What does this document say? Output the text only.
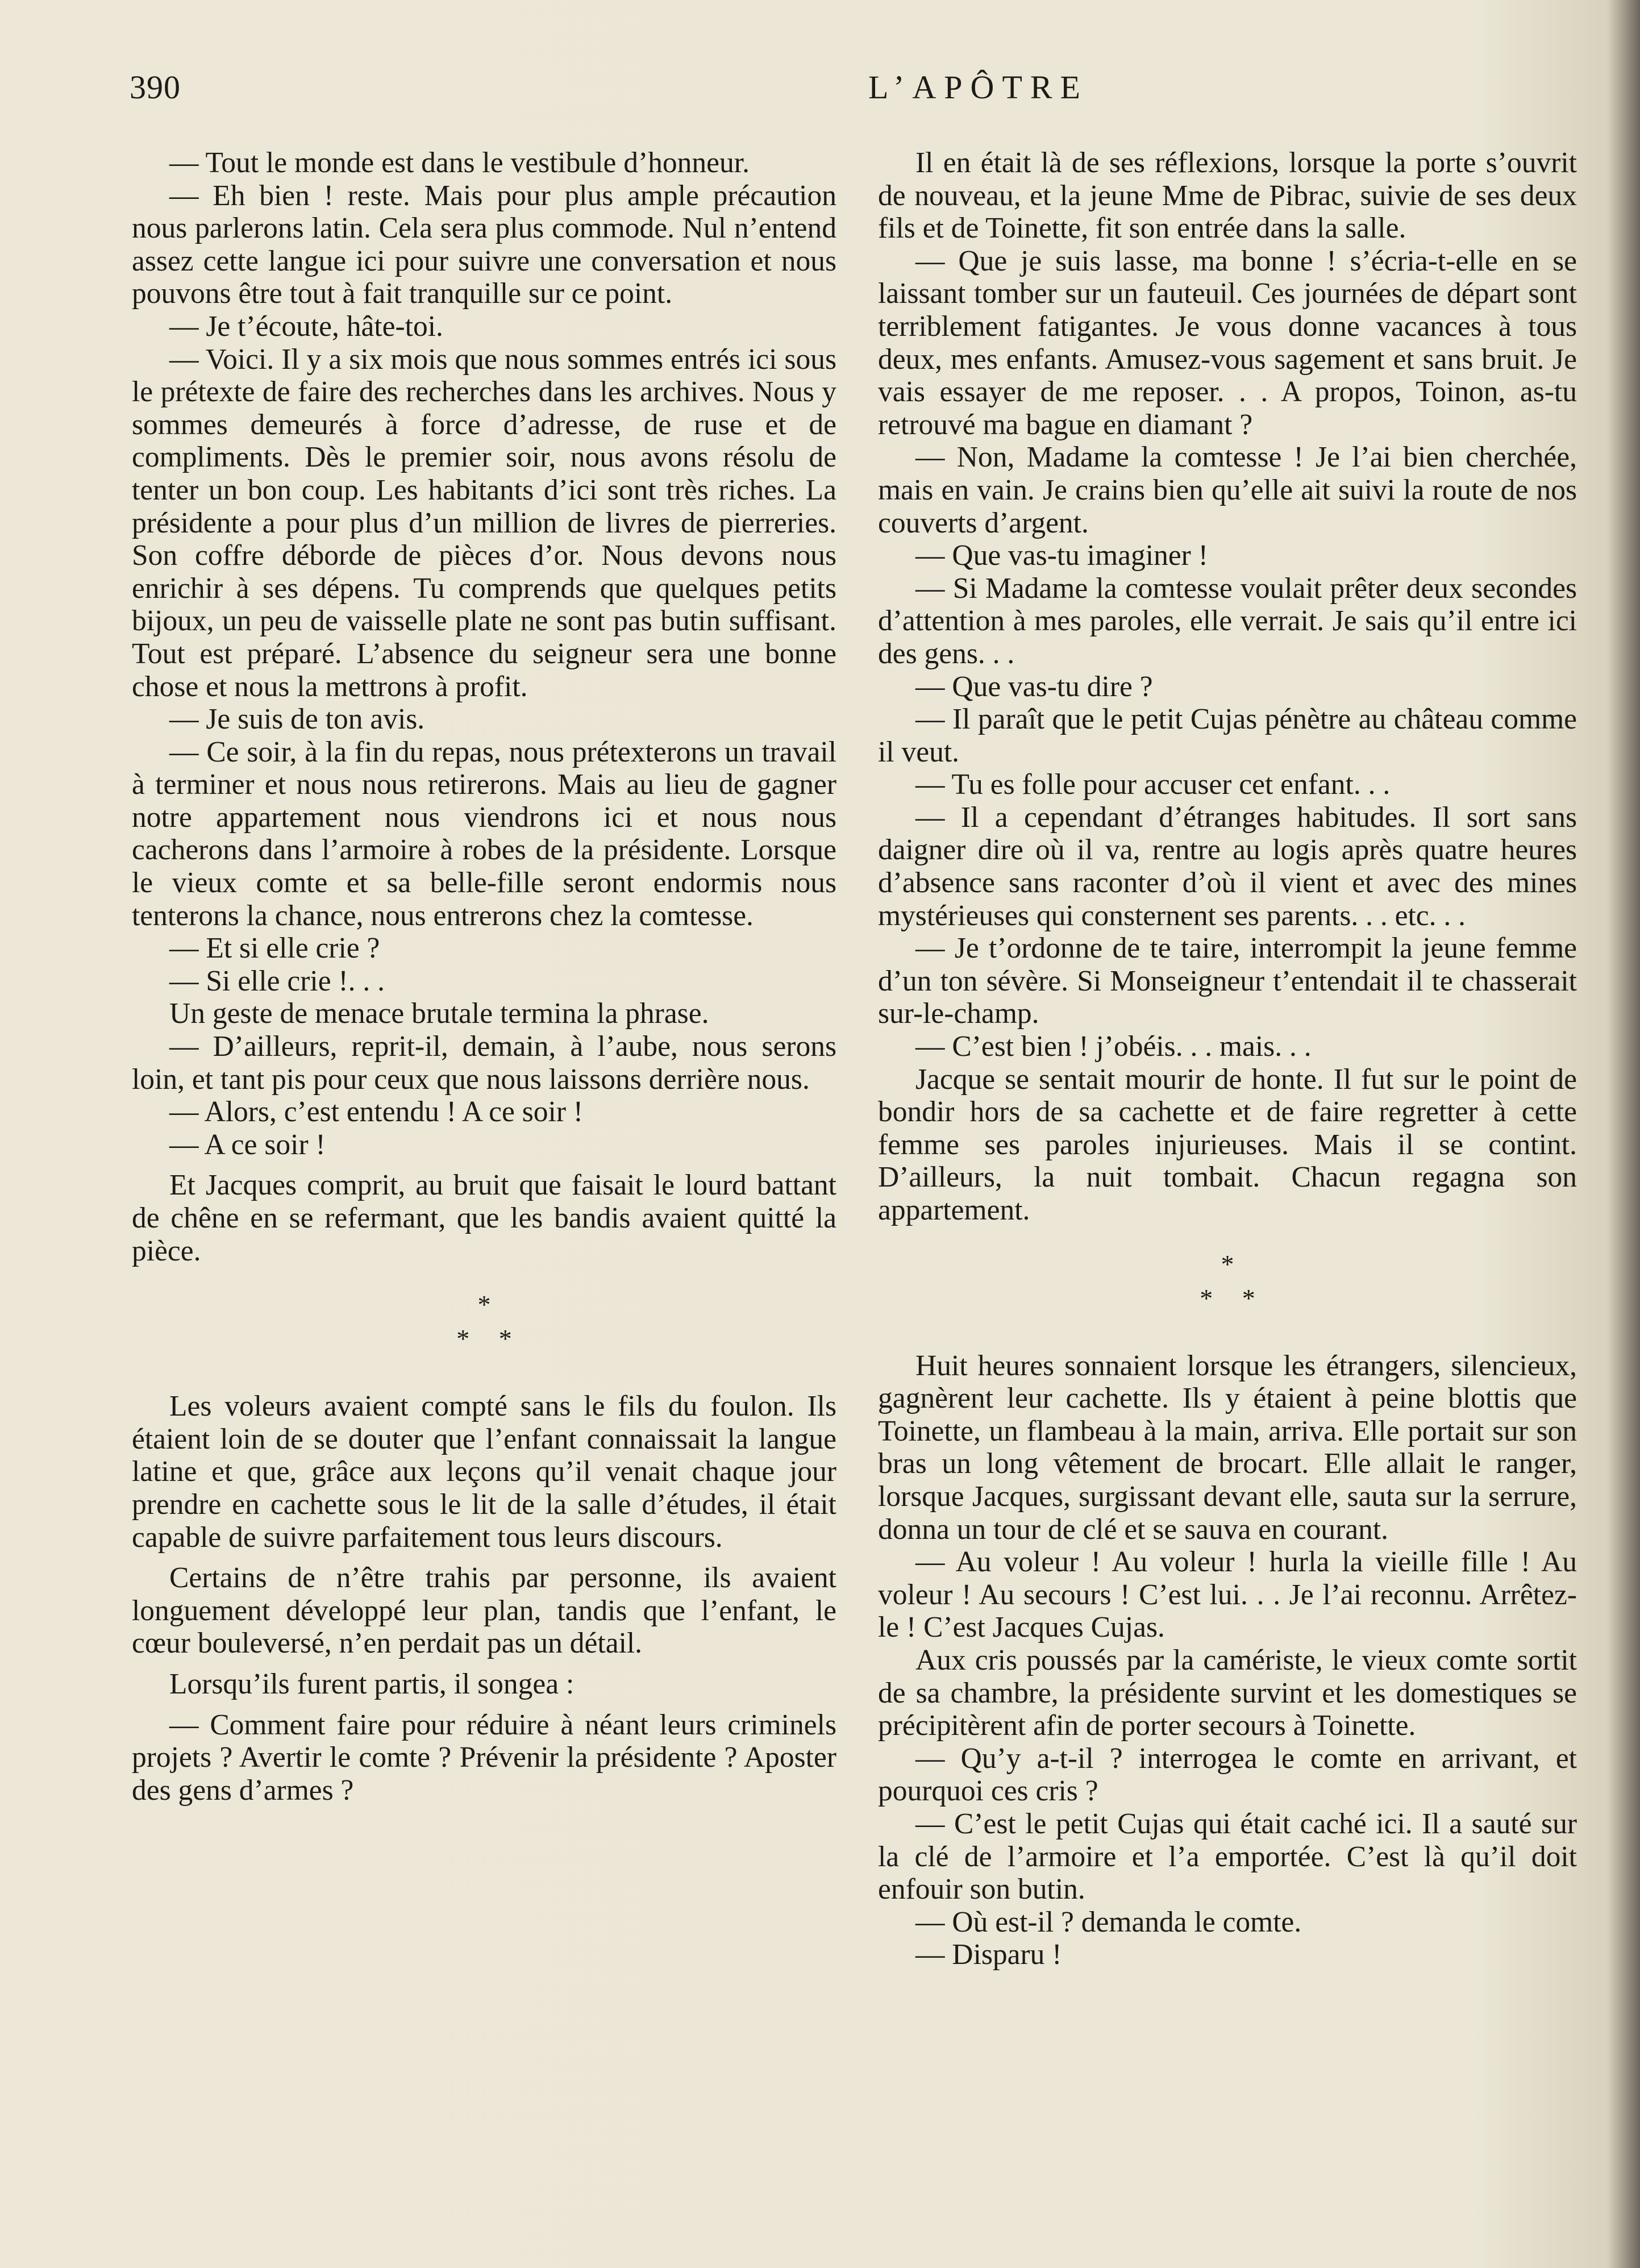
390	L’APÔTRE

— Tout le monde est dans le vestibule d’honneur.

— Eh bien ! reste. Mais pour plus ample précaution nous parlerons latin. Cela sera plus commode. Nul n’entend assez cette langue ici pour suivre une conversation et nous pouvons être tout à fait tranquille sur ce point.

— Je t’écoute, hâte-toi.

— Voici. Il y a six mois que nous sommes entrés ici sous le prétexte de faire des recherches dans les archives. Nous y sommes demeurés à force d’adresse, de ruse et de compliments. Dès le premier soir, nous avons résolu de tenter un bon coup. Les habitants d’ici sont très riches. La présidente a pour plus d’un million de livres de pierreries. Son coffre déborde de pièces d’or. Nous devons nous enrichir à ses dépens. Tu comprends que quelques petits bijoux, un peu de vaisselle plate ne sont pas butin suffisant. Tout est préparé. L’absence du seigneur sera une bonne chose et nous la mettrons à profit.

— Je suis de ton avis.

— Ce soir, à la fin du repas, nous prétexterons un travail à terminer et nous nous retirerons. Mais au lieu de gagner notre appartement nous viendrons ici et nous nous cacherons dans l’armoire à robes de la présidente. Lorsque le vieux comte et sa belle-fille seront endormis nous tenterons la chance, nous entrerons chez la comtesse.

— Et si elle crie ?

— Si elle crie !. . .

Un geste de menace brutale termina la phrase.

— D’ailleurs, reprit-il, demain, à l’aube, nous serons loin, et tant pis pour ceux que nous laissons derrière nous.

— Alors, c’est entendu ! A ce soir !

— A ce soir !

Et Jacques comprit, au bruit que faisait le lourd battant de chêne en se refermant, que les bandis avaient quitté la pièce.

*
* *

Les voleurs avaient compté sans le fils du foulon. Ils étaient loin de se douter que l’enfant connaissait la langue latine et que, grâce aux leçons qu’il venait chaque jour prendre en cachette sous le lit de la salle d’études, il était capable de suivre parfaitement tous leurs discours.

Certains de n’être trahis par personne, ils avaient longuement développé leur plan, tandis que l’enfant, le cœur bouleversé, n’en perdait pas un détail.

Lorsqu’ils furent partis, il songea :

— Comment faire pour réduire à néant leurs criminels projets ? Avertir le comte ? Prévenir la présidente ? Aposter des gens d’armes ?

Il en était là de ses réflexions, lorsque la porte s’ouvrit de nouveau, et la jeune Mme de Pibrac, suivie de ses deux fils et de Toinette, fit son entrée dans la salle.

— Que je suis lasse, ma bonne ! s’écria-t-elle en se laissant tomber sur un fauteuil. Ces journées de départ sont terriblement fatigantes. Je vous donne vacances à tous deux, mes enfants. Amusez-vous sagement et sans bruit. Je vais essayer de me reposer. . . A propos, Toinon, as-tu retrouvé ma bague en diamant ?

— Non, Madame la comtesse ! Je l’ai bien cherchée, mais en vain. Je crains bien qu’elle ait suivi la route de nos couverts d’argent.

— Que vas-tu imaginer !

— Si Madame la comtesse voulait prêter deux secondes d’attention à mes paroles, elle verrait. Je sais qu’il entre ici des gens. . .

— Que vas-tu dire ?

— Il paraît que le petit Cujas pénètre au château comme il veut.

— Tu es folle pour accuser cet enfant. . .

— Il a cependant d’étranges habitudes. Il sort sans daigner dire où il va, rentre au logis après quatre heures d’absence sans raconter d’où il vient et avec des mines mystérieuses qui consternent ses parents. . . etc. . .

— Je t’ordonne de te taire, interrompit la jeune femme d’un ton sévère. Si Monseigneur t’entendait il te chasserait sur-le-champ.

— C’est bien ! j’obéis. . . mais. . .

Jacque se sentait mourir de honte. Il fut sur le point de bondir hors de sa cachette et de faire regretter à cette femme ses paroles injurieuses. Mais il se contint. D’ailleurs, la nuit tombait. Chacun regagna son appartement.

*
* *

Huit heures sonnaient lorsque les étrangers, silencieux, gagnèrent leur cachette. Ils y étaient à peine blottis que Toinette, un flambeau à la main, arriva. Elle portait sur son bras un long vêtement de brocart. Elle allait le ranger, lorsque Jacques, surgissant devant elle, sauta sur la serrure, donna un tour de clé et se sauva en courant.

— Au voleur ! Au voleur ! hurla la vieille fille ! Au voleur ! Au secours ! C’est lui. . . Je l’ai reconnu. Arrêtez-le ! C’est Jacques Cujas.

Aux cris poussés par la caméristе, le vieux comte sortit de sa chambre, la présidente survint et les domestiques se précipitèrent afin de porter secours à Toinette.

— Qu’y a-t-il ? interrogea le comte en arrivant, et pourquoi ces cris ?

— C’est le petit Cujas qui était caché ici. Il a sauté sur la clé de l’armoire et l’a emportée. C’est là qu’il doit enfouir son butin.

— Où est-il ? demanda le comte.

— Disparu !
